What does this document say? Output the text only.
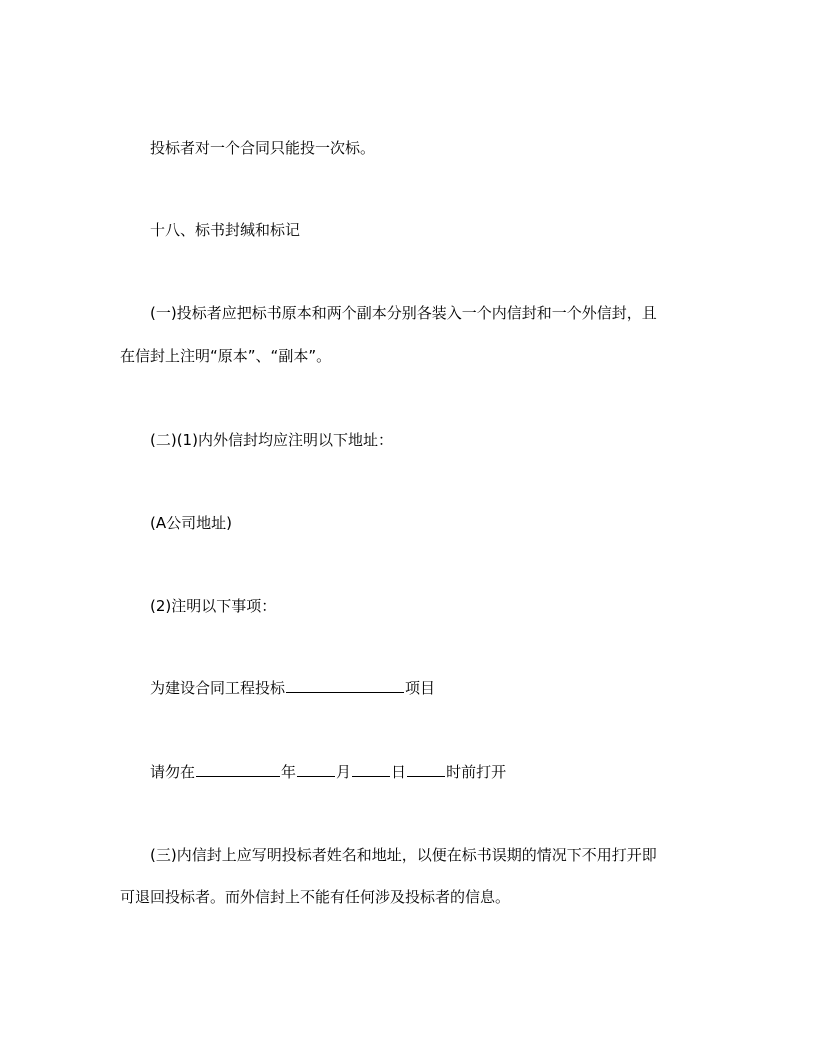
投标者对一个合同只能投一次标。
十八、标书封缄和标记
(一)投标者应把标书原本和两个副本分别各装入一个内信封和一个外信封，且
在信封上注明“原本”、“副本”。
(二)(1)内外信封均应注明以下地址：
(A公司地址)
(2)注明以下事项：
为建设合同工程投标	项目
请勿在	年	月	日	时前打开
(三)内信封上应写明投标者姓名和地址，以便在标书误期的情况下不用打开即
可退回投标者。而外信封上不能有任何涉及投标者的信息。
